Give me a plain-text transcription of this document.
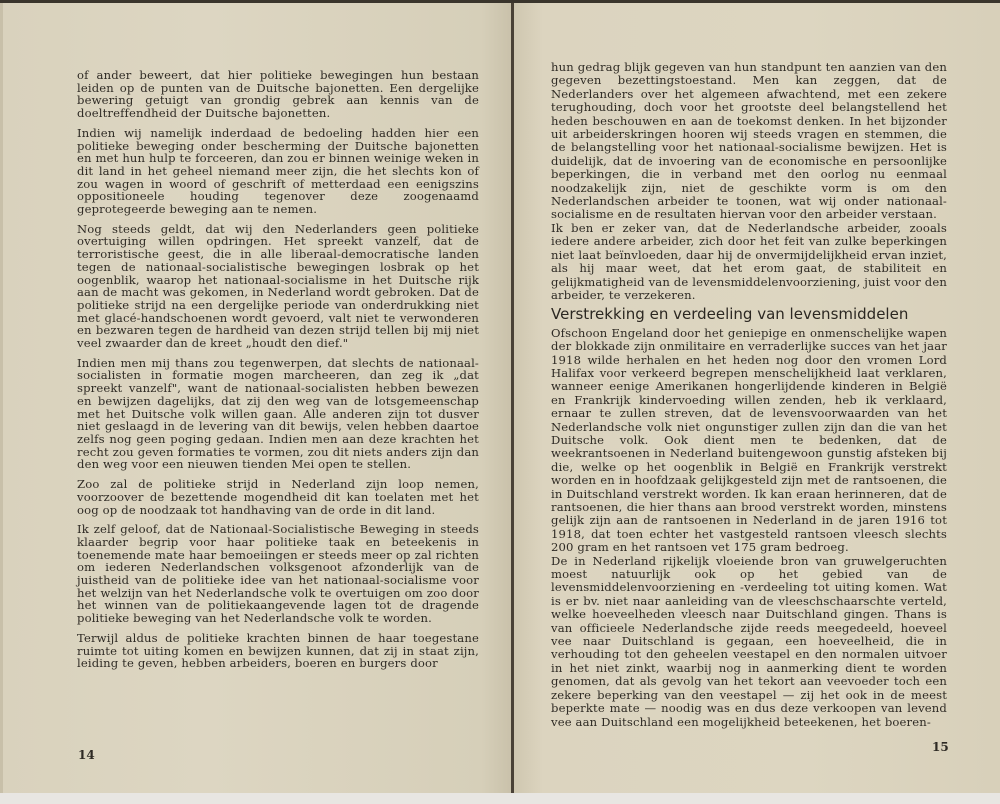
of ander beweert, dat hier politieke bewegingen hun bestaan leiden op de punten van de Duitsche bajonetten. Een dergelijke bewering getuigt van grondig gebrek aan kennis van de doeltreffendheid der Duitsche bajonetten.

Indien wij namelijk inderdaad de bedoeling hadden hier een politieke beweging onder bescherming der Duitsche bajonetten en met hun hulp te forceeren, dan zou er binnen weinige weken in dit land in het geheel niemand meer zijn, die het slechts kon of zou wagen in woord of geschrift of metterdaad een eenigszins oppositioneele houding tegenover deze zoogenaamd geprotegeerde beweging aan te nemen.

Nog steeds geldt, dat wij den Nederlanders geen politieke overtuiging willen opdringen. Het spreekt vanzelf, dat de terroristische geest, die in alle liberaal-democratische landen tegen de nationaal-socialistische bewegingen losbrak op het oogenblik, waarop het nationaal-socialisme in het Duitsche rijk aan de macht was gekomen, in Nederland wordt gebroken. Dat de politieke strijd na een dergelijke periode van onderdrukking niet met glacé-handschoenen wordt gevoerd, valt niet te verwonderen en bezwaren tegen de hardheid van dezen strijd tellen bij mij niet veel zwaarder dan de kreet „houdt den dief."

Indien men mij thans zou tegenwerpen, dat slechts de nationaal-socialisten in formatie mogen marcheeren, dan zeg ik „dat spreekt vanzelf", want de nationaal-socialisten hebben bewezen en bewijzen dagelijks, dat zij den weg van de lotsgemeenschap met het Duitsche volk willen gaan. Alle anderen zijn tot dusver niet geslaagd in de levering van dit bewijs, velen hebben daartoe zelfs nog geen poging gedaan. Indien men aan deze krachten het recht zou geven formaties te vormen, zou dit niets anders zijn dan den weg voor een nieuwen tienden Mei open te stellen.

Zoo zal de politieke strijd in Nederland zijn loop nemen, voorzoover de bezettende mogendheid dit kan toelaten met het oog op de noodzaak tot handhaving van de orde in dit land.

Ik zelf geloof, dat de Nationaal-Socialistische Beweging in steeds klaarder begrip voor haar politieke taak en beteekenis in toenemende mate haar bemoeiingen er steeds meer op zal richten om iederen Nederlandschen volksgenoot afzonderlijk van de juistheid van de politieke idee van het nationaal-socialisme voor het welzijn van het Nederlandsche volk te overtuigen om zoo door het winnen van de politiekaangevende lagen tot de dragende politieke beweging van het Nederlandsche volk te worden.

Terwijl aldus de politieke krachten binnen de haar toegestane ruimte tot uiting komen en bewijzen kunnen, dat zij in staat zijn, leiding te geven, hebben arbeiders, boeren en burgers door

14

hun gedrag blijk gegeven van hun standpunt ten aanzien van den gegeven bezettingstoestand. Men kan zeggen, dat de Nederlanders over het algemeen afwachtend, met een zekere terughouding, doch voor het grootste deel belangstellend het heden beschouwen en aan de toekomst denken. In het bijzonder uit arbeiderskringen hooren wij steeds vragen en stemmen, die de belangstelling voor het nationaal-socialisme bewijzen. Het is duidelijk, dat de invoering van de economische en persoonlijke beperkingen, die in verband met den oorlog nu eenmaal noodzakelijk zijn, niet de geschikte vorm is om den Nederlandschen arbeider te toonen, wat wij onder nationaal-socialisme en de resultaten hiervan voor den arbeider verstaan.

Ik ben er zeker van, dat de Nederlandsche arbeider, zooals iedere andere arbeider, zich door het feit van zulke beperkingen niet laat beïnvloeden, daar hij de onvermijdelijkheid ervan inziet, als hij maar weet, dat het erom gaat, de stabiliteit en gelijkmatigheid van de levensmiddelenvoorziening, juist voor den arbeider, te verzekeren.

Verstrekking en verdeeling van levensmiddelen

Ofschoon Engeland door het geniepige en onmenschelijke wapen der blokkade zijn onmilitaire en verraderlijke succes van het jaar 1918 wilde herhalen en het heden nog door den vromen Lord Halifax voor verkeerd begrepen menschelijkheid laat verklaren, wanneer eenige Amerikanen hongerlijdende kinderen in België en Frankrijk kindervoeding willen zenden, heb ik verklaard, ernaar te zullen streven, dat de levensvoorwaarden van het Nederlandsche volk niet ongunstiger zullen zijn dan die van het Duitsche volk. Ook dient men te bedenken, dat de weekrantsoenen in Nederland buitengewoon gunstig afsteken bij die, welke op het oogenblik in België en Frankrijk verstrekt worden en in hoofdzaak gelijkgesteld zijn met de rantsoenen, die in Duitschland verstrekt worden. Ik kan eraan herinneren, dat de rantsoenen, die hier thans aan brood verstrekt worden, minstens gelijk zijn aan de rantsoenen in Nederland in de jaren 1916 tot 1918, dat toen echter het vastgesteld rantsoen vleesch slechts 200 gram en het rantsoen vet 175 gram bedroeg.

De in Nederland rijkelijk vloeiende bron van gruwelgeruchten moest natuurlijk ook op het gebied van de levensmiddelenvoorziening en -verdeeling tot uiting komen. Wat is er bv. niet naar aanleiding van de vleeschschaarschte verteld, welke hoeveelheden vleesch naar Duitschland gingen. Thans is van officieele Nederlandsche zijde reeds meegedeeld, hoeveel vee naar Duitschland is gegaan, een hoeveelheid, die in verhouding tot den geheelen veestapel en den normalen uitvoer in het niet zinkt, waarbij nog in aanmerking dient te worden genomen, dat als gevolg van het tekort aan veevoeder toch een zekere beperking van den veestapel — zij het ook in de meest beperkte mate — noodig was en dus deze verkoopen van levend vee aan Duitschland een mogelijkheid beteekenen, het boeren-

15
